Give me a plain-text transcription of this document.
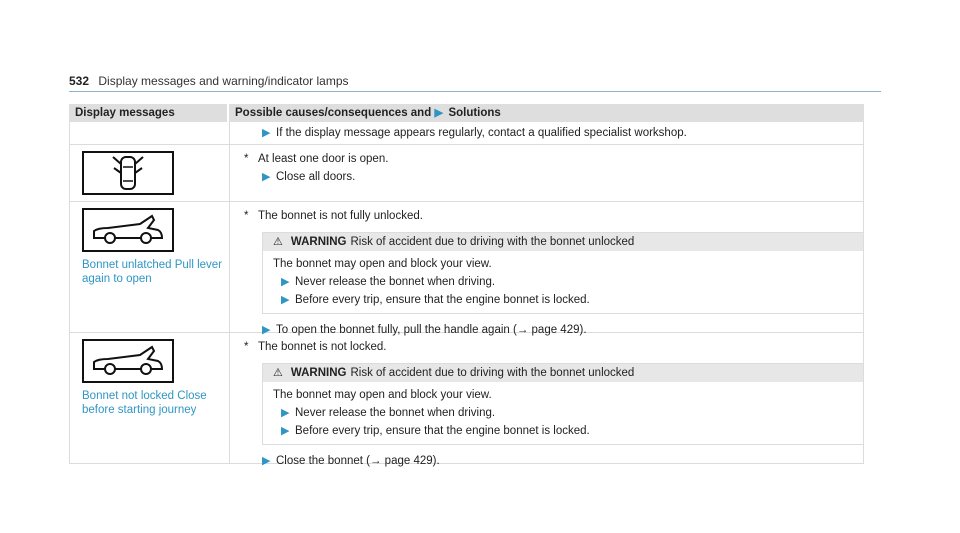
532 Display messages and warning/indicator lamps
Display messages	Possible causes/consequences and ▶ Solutions
▶ If the display message appears regularly, contact a qualified specialist workshop.
* At least one door is open.
▶ Close all doors.
Bonnet unlatched Pull lever again to open
* The bonnet is not fully unlocked.
⚠ WARNING Risk of accident due to driving with the bonnet unlocked
The bonnet may open and block your view.
▶ Never release the bonnet when driving.
▶ Before every trip, ensure that the engine bonnet is locked.
▶ To open the bonnet fully, pull the handle again (→ page 429).
Bonnet not locked Close before starting journey
* The bonnet is not locked.
⚠ WARNING Risk of accident due to driving with the bonnet unlocked
The bonnet may open and block your view.
▶ Never release the bonnet when driving.
▶ Before every trip, ensure that the engine bonnet is locked.
▶ Close the bonnet (→ page 429).
